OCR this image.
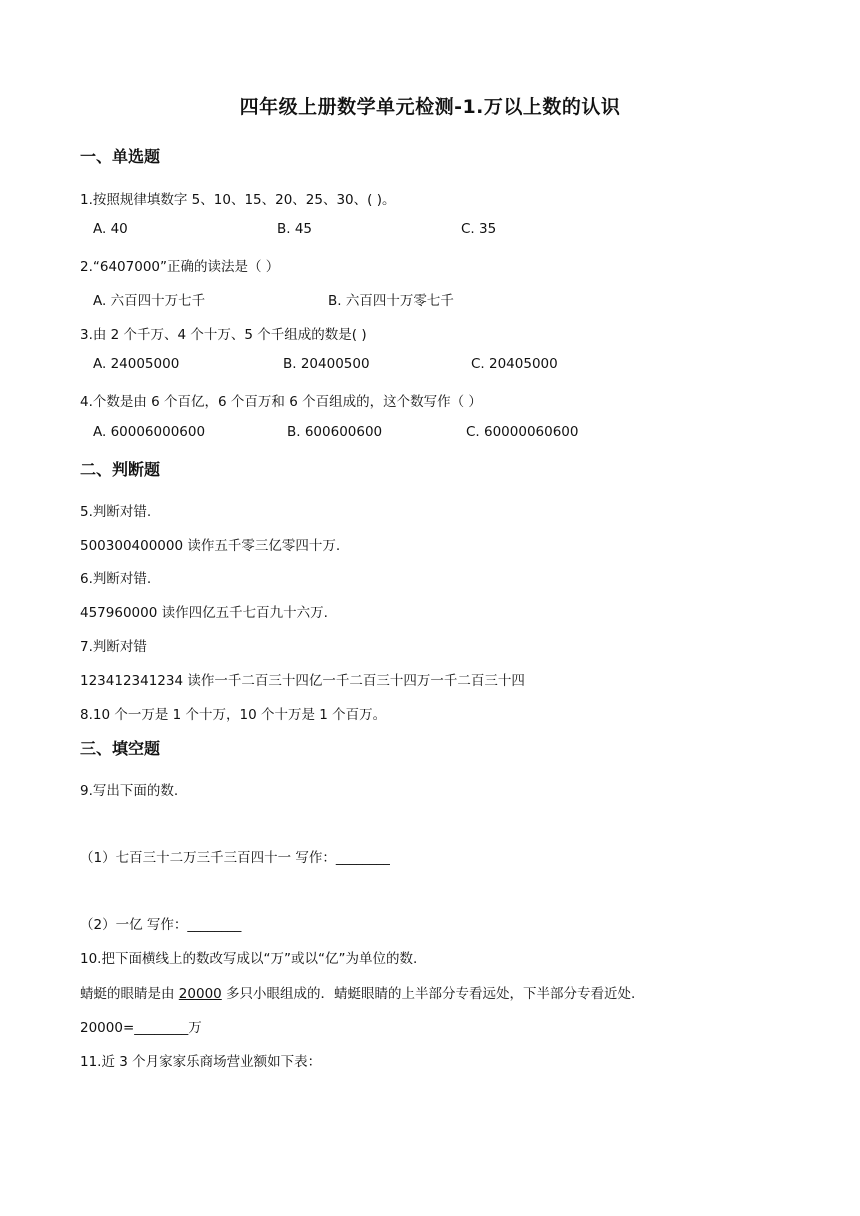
四年级上册数学单元检测-1.万以上数的认识
一、单选题
1.按照规律填数字 5、10、15、20、25、30、( )。
A. 40	B. 45	C. 35
2.“6407000”正确的读法是（ ）
A. 六百四十万七千	B. 六百四十万零七千
3.由 2 个千万、4 个十万、5 个千组成的数是( )
A. 24005000	B. 20400500	C. 20405000
4.个数是由 6 个百亿，6 个百万和 6 个百组成的，这个数写作（ ）
A. 60006000600	B. 600600600	C. 60000060600
二、判断题
5.判断对错.
500300400000 读作五千零三亿零四十万.
6.判断对错.
457960000 读作四亿五千七百九十六万.
7.判断对错
123412341234 读作一千二百三十四亿一千二百三十四万一千二百三十四
8.10 个一万是 1 个十万，10 个十万是 1 个百万。
三、填空题
9.写出下面的数.
（1）七百三十二万三千三百四十一 写作：________
（2）一亿 写作：________
10.把下面横线上的数改写成以“万”或以“亿”为单位的数.
蜻蜓的眼睛是由 20000 多只小眼组成的．蜻蜓眼睛的上半部分专看远处，下半部分专看近处.
20000=________万
11.近 3 个月家家乐商场营业额如下表：
